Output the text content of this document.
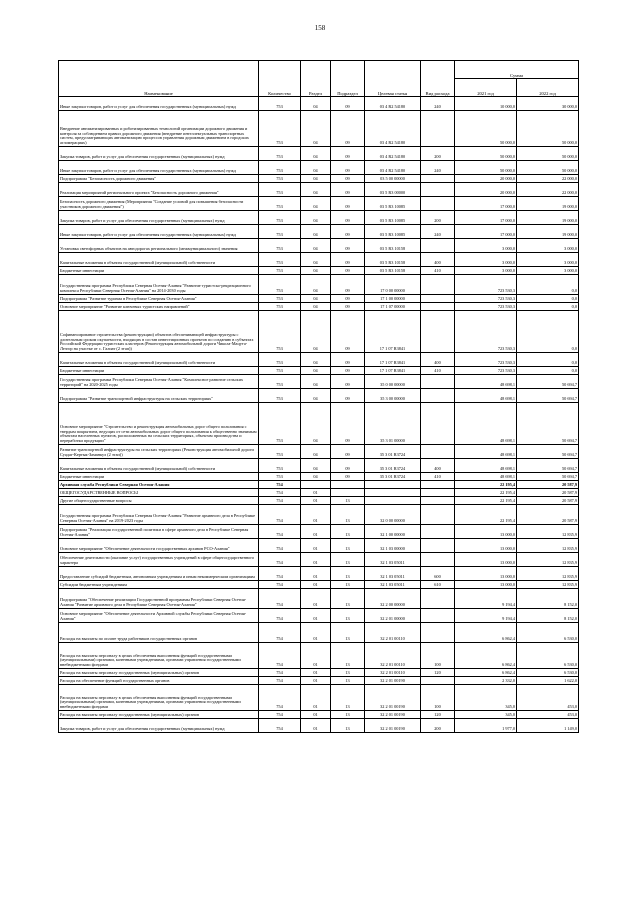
158
Наименование	Количество	Раздел	Подраздел	Целевая статья	Вид расхода	Сумма	
						2021 год	2022 год
Иные закупки товаров, работ и услуг для обеспечения государственных (муниципальных) нужд	753	04	09	03 4 R2 54180	240	10 000,0	30 000,0
Внедрение автоматизированных и роботизированных технологий организации дорожного движения и контроля за соблюдением правил дорожного движения (внедрение интеллектуальных транспортных систем, предусматривающих автоматизацию процессов управления дорожным движением в городских агломерациях)	753	04	09	03 4 R2 54180		50 000,0	50 000,0
Закупка товаров, работ и услуг для обеспечения государственных (муниципальных) нужд	753	04	09	03 4 R2 54180	200	50 000,0	50 000,0
Иные закупки товаров, работ и услуг для обеспечения государственных (муниципальных) нужд	753	04	09	03 4 R2 54180	240	50 000,0	50 000,0
Подпрограмма "Безопасность дорожного движения"	753	04	09	03 5 00 00000		20 000,0	22 000,0
Реализация мероприятий регионального проекта "Безопасность дорожного движения"	753	04	09	03 5 R3 00000		20 000,0	22 000,0
Безопасность дорожного движения (Мероприятия "Создание условий для повышения безопасности участников дорожного движения")	753	04	09	03 5 R3 10085		17 000,0	19 000,0
Закупка товаров, работ и услуг для обеспечения государственных (муниципальных) нужд	753	04	09	03 5 R3 10085	200	17 000,0	19 000,0
Иные закупки товаров, работ и услуг для обеспечения государственных (муниципальных) нужд	753	04	09	03 5 R3 10085	240	17 000,0	19 000,0
Установка светофорных объектов на автодорогах регионального (межмуниципального) значения	753	04	09	03 5 R3 10158		3 000,0	3 000,0
Капитальные вложения в объекты государственной (муниципальной) собственности	753	04	09	03 5 R3 10158	400	3 000,0	3 000,0
Бюджетные инвестиции	753	04	09	03 5 R3 10158	410	3 000,0	3 000,0
Государственная программа Республики Северная Осетия-Алания "Развитие туристско-рекреационного комплекса Республики Северная Осетия-Алания" на 2014-2030 годы	753	04	09	17 0 00 00000		723 530,3	0,0
Подпрограмма "Развитие туризма в Республике Северная Осетия-Алания"	753	04	09	17 1 00 00000		723 530,3	0,0
Основное мероприятие "Развитие ключевых туристских направлений"	753	04	09	17 1 07 00000		723 530,3	0,0
Софинансирование строительства (реконструкции) объектов обеспечивающей инфраструктуры с длительным сроком окупаемости, входящих в состав инвестиционных проектов по созданию в субъектах Российской Федерации туристских кластеров (Реконструкция автомобильной дороги Чикола-Мацута-Лезгор на участке от с. Галиат (2 этап))	753	04	09	17 1 07 R3841		723 530,3	0,0
Капитальные вложения в объекты государственной (муниципальной) собственности	753	04	09	17 1 07 R3841	400	723 530,3	0,0
Бюджетные инвестиции	753	04	09	17 1 07 R3841	410	723 530,3	0,0
Государственная программа Республики Северная Осетия-Алания "Комплексное развитие сельских территорий" на 2020-2025 годы	753	04	09	35 0 00 00000		48 698,1	50 694,7
Подпрограмма "Развитие транспортной инфраструктуры на сельских территориях"	753	04	09	35 3 00 00000		48 698,1	50 694,7
Основное мероприятие "Строительство и реконструкция автомобильных дорог общего пользования с твердым покрытием, ведущих от сети автомобильных дорог общего пользования к общественно значимым объектам населенных пунктов, расположенных на сельских территориях, объектам производства и переработки продукции"	753	04	09	35 3 01 00000		48 698,1	50 694,7
Развитие транспортной инфраструктуры на сельских территориях (Реконструкция автомобильной дороги Суадаг-Кертык-Заманкул (2 этап))	753	04	09	35 3 01 R3724		48 698,1	50 694,7
Капитальные вложения в объекты государственной (муниципальной) собственности	753	04	09	35 3 01 R3724	400	48 698,1	50 694,7
Бюджетные инвестиции	753	04	09	35 3 01 R3724	410	48 698,1	50 694,7
Архивная служба Республики Северная Осетия-Алания	754					22 195,4	20 587,9
ОБЩЕГОСУДАРСТВЕННЫЕ ВОПРОСЫ	754	01				22 195,4	20 587,9
Другие общегосударственные вопросы	754	01	13			22 195,4	20 587,9
Государственная программа Республики Северная Осетия-Алания "Развитие архивного дела в Республике Северная Осетия-Алания" на 2019-2023 годы	754	01	13	32 0 00 00000		22 195,4	20 587,9
Подпрограмма "Реализация государственной политики в сфере архивного дела в Республике Северная Осетия-Алания"	754	01	13	32 1 00 00000		13 000,0	12 835,9
Основное мероприятие "Обеспечение деятельности государственных архивов РСО-Алания"	754	01	13	32 1 03 00000		13 000,0	12 835,9
Обеспечение деятельности (оказание услуг) государственных учреждений в сфере общегосударственного характера	754	01	13	32 1 03 05011		13 000,0	12 835,9
Предоставление субсидий бюджетным, автономным учреждениям и иным некоммерческим организациям	754	01	13	32 1 03 05011	600	13 000,0	12 835,9
Субсидии бюджетным учреждениям	754	01	13	32 1 03 05011	610	13 000,0	12 835,9
Подпрограмма "Обеспечение реализации Государственной программы Республики Северная Осетия-Алания "Развитие архивного дела в Республике Северная Осетия-Алания"	754	01	13	32 2 00 00000		9 194,4	8 152,0
Основное мероприятие "Обеспечение деятельности Архивной службы Республики Северная Осетия-Алания"	754	01	13	32 2 01 00000		9 194,4	8 152,0
Расходы на выплаты по оплате труда работников государственных органов	754	01	13	32 2 01 00110		6 862,4	6 530,0
Расходы на выплаты персоналу в целях обеспечения выполнения функций государственными (муниципальными) органами, казенными учреждениями, органами управления государственными внебюджетными фондами	754	01	13	32 2 01 00110	100	6 862,4	6 530,0
Расходы на выплаты персоналу государственных (муниципальных) органов	754	01	13	32 2 01 00110	120	6 862,4	6 530,0
Расходы на обеспечение функций государственных органов	754	01	13	32 2 01 00190		2 332,0	1 622,0
Расходы на выплаты персоналу в целях обеспечения выполнения функций государственными (муниципальными) органами, казенными учреждениями, органами управления государственными внебюджетными фондами	754	01	13	32 2 01 00190	100	345,0	453,0
Расходы на выплаты персоналу государственных (муниципальных) органов	754	01	13	32 2 01 00190	120	345,0	453,0
Закупка товаров, работ и услуг для обеспечения государственных (муниципальных) нужд	754	01	13	32 2 01 00190	200	1 977,0	1 149,0
